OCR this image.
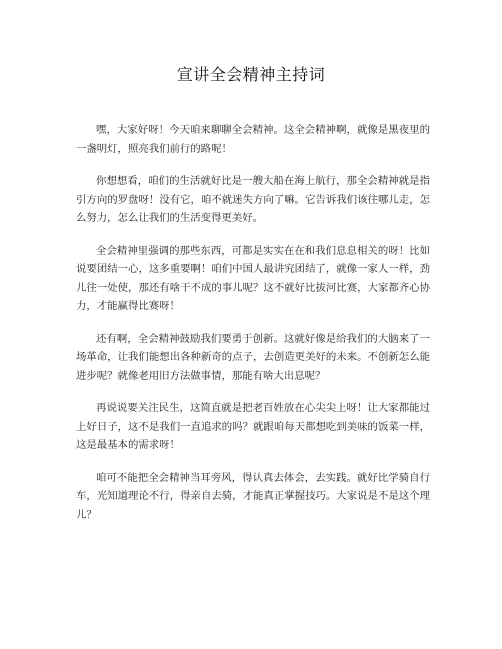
宣讲全会精神主持词

嘿，大家好呀！今天咱来聊聊全会精神。这全会精神啊，就像是黑夜里的一盏明灯，照亮我们前行的路呢！

你想想看，咱们的生活就好比是一艘大船在海上航行，那全会精神就是指引方向的罗盘呀！没有它，咱不就迷失方向了嘛。它告诉我们该往哪儿走，怎么努力，怎么让我们的生活变得更美好。

全会精神里强调的那些东西，可都是实实在在和我们息息相关的呀！比如说要团结一心，这多重要啊！咱们中国人最讲究团结了，就像一家人一样，劲儿往一处使，那还有啥干不成的事儿呢？这不就好比拔河比赛，大家都齐心协力，才能赢得比赛呀！

还有啊，全会精神鼓励我们要勇于创新。这就好像是给我们的大脑来了一场革命，让我们能想出各种新奇的点子，去创造更美好的未来。不创新怎么能进步呢？就像老用旧方法做事情，那能有啥大出息呢？

再说说要关注民生，这简直就是把老百姓放在心尖尖上呀！让大家都能过上好日子，这不是我们一直追求的吗？就跟咱每天都想吃到美味的饭菜一样，这是最基本的需求呀！

咱可不能把全会精神当耳旁风，得认真去体会，去实践。就好比学骑自行车，光知道理论不行，得亲自去骑，才能真正掌握技巧。大家说是不是这个理儿？
